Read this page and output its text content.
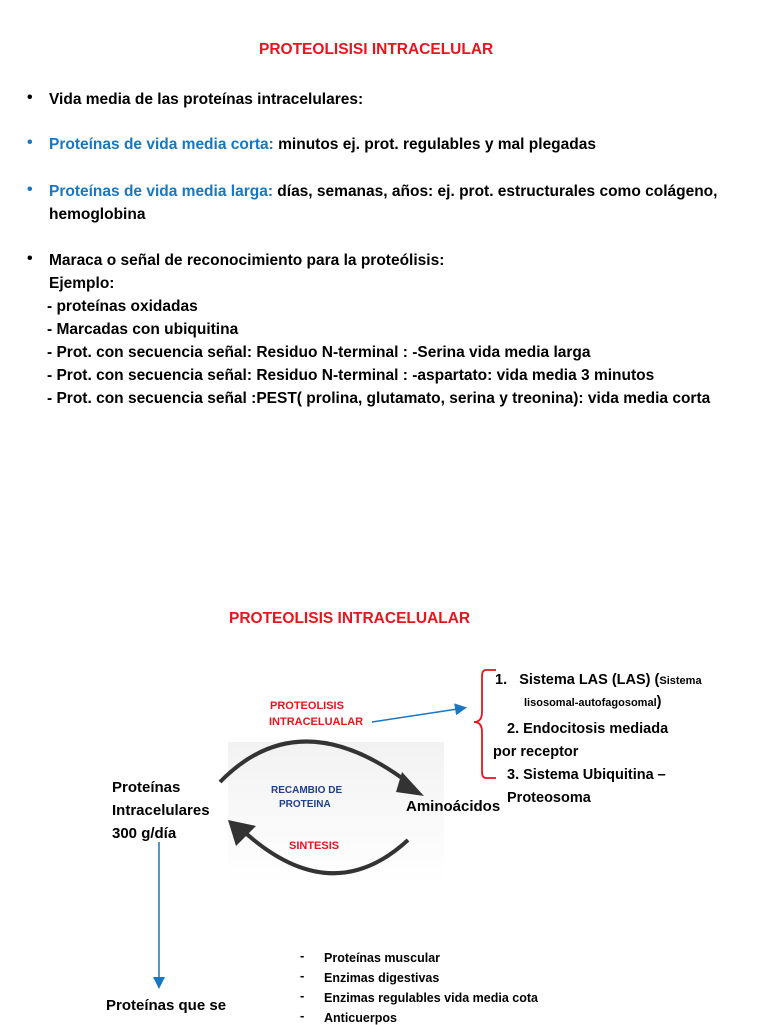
PROTEOLISISI INTRACELULAR
• Vida media de las proteínas intracelulares:
• Proteínas de vida media corta: minutos ej. prot. regulables y mal plegadas
• Proteínas de vida media larga: días, semanas, años: ej. prot. estructurales como colágeno,
hemoglobina
• Maraca o señal de reconocimiento para la proteólisis:
Ejemplo:
- proteínas oxidadas
- Marcadas con ubiquitina
- Prot. con secuencia señal: Residuo N-terminal : -Serina vida media larga
- Prot. con secuencia señal: Residuo N-terminal : -aspartato: vida media 3 minutos
- Prot. con secuencia señal :PEST( prolina, glutamato, serina y treonina): vida media corta
PROTEOLISIS INTRACELUALAR
PROTEOLISIS
INTRACELUALAR
RECAMBIO DE
PROTEINA
SINTESIS
Proteínas
Intracelulares
300 g/día
Aminoácidos
1. Sistema LAS (LAS) (Sistema
lisosomal-autofagosomal)
2. Endocitosis mediada
por receptor
3. Sistema Ubiquitina –
Proteosoma
Proteínas que se
- Proteínas muscular
- Enzimas digestivas
- Enzimas regulables vida media cota
- Anticuerpos
